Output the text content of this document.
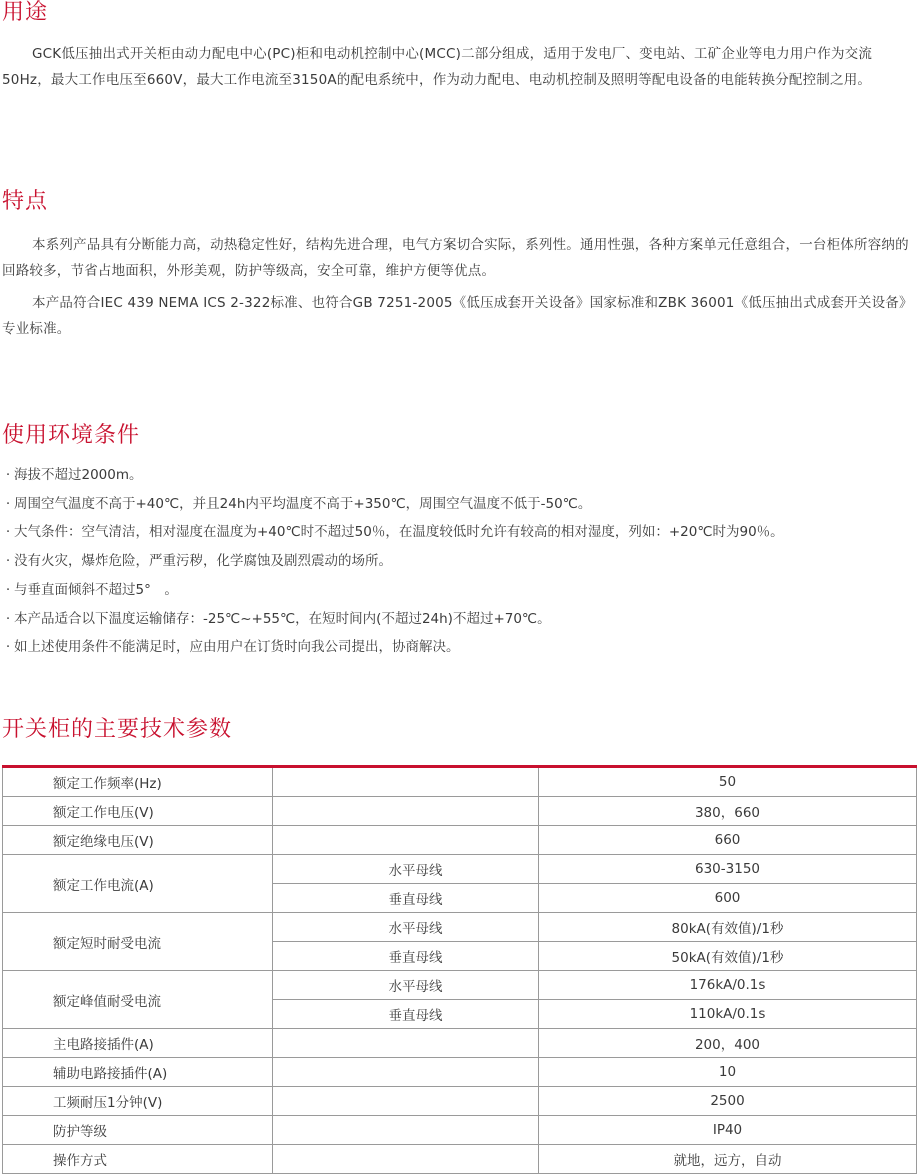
用途

GCK低压抽出式开关柜由动力配电中心(PC)柜和电动机控制中心(MCC)二部分组成，适用于发电厂、变电站、工矿企业等电力用户作为交流50Hz，最大工作电压至660V，最大工作电流至3150A的配电系统中，作为动力配电、电动机控制及照明等配电设备的电能转换分配控制之用。

特点

本系列产品具有分断能力高，动热稳定性好，结构先进合理，电气方案切合实际，系列性。通用性强，各种方案单元任意组合，一台柜体所容纳的回路较多，节省占地面积，外形美观，防护等级高，安全可靠，维护方便等优点。

本产品符合IEC 439 NEMA ICS 2-322标准、也符合GB 7251-2005《低压成套开关设备》国家标准和ZBK 36001《低压抽出式成套开关设备》专业标准。

使用环境条件
· 海拔不超过2000m。
· 周围空气温度不高于+40℃，并且24h内平均温度不高于+350℃，周围空气温度不低于-50℃。
· 大气条件：空气清洁，相对湿度在温度为+40℃时不超过50％，在温度较低时允许有较高的相对湿度，列如：+20℃时为90％。
· 没有火灾，爆炸危险，严重污秽，化学腐蚀及剧烈震动的场所。
· 与垂直面倾斜不超过5°　。
· 本产品适合以下温度运输储存：-25℃~+55℃，在短时间内(不超过24h)不超过+70℃。
· 如上述使用条件不能满足时，应由用户在订货时向我公司提出，协商解决。
开关柜的主要技术参数
额定工作频率(Hz)		50
额定工作电压(V)		380，660
额定绝缘电压(V)		660
额定工作电流(A)	水平母线	630-3150
	垂直母线	600
额定短时耐受电流	水平母线	80kA(有效值)/1秒
	垂直母线	50kA(有效值)/1秒
额定峰值耐受电流	水平母线	176kA/0.1s
	垂直母线	110kA/0.1s
主电路接插件(A)		200，400
辅助电路接插件(A)		10
工频耐压1分钟(V)		2500
防护等级		IP40
操作方式		就地，远方，自动
